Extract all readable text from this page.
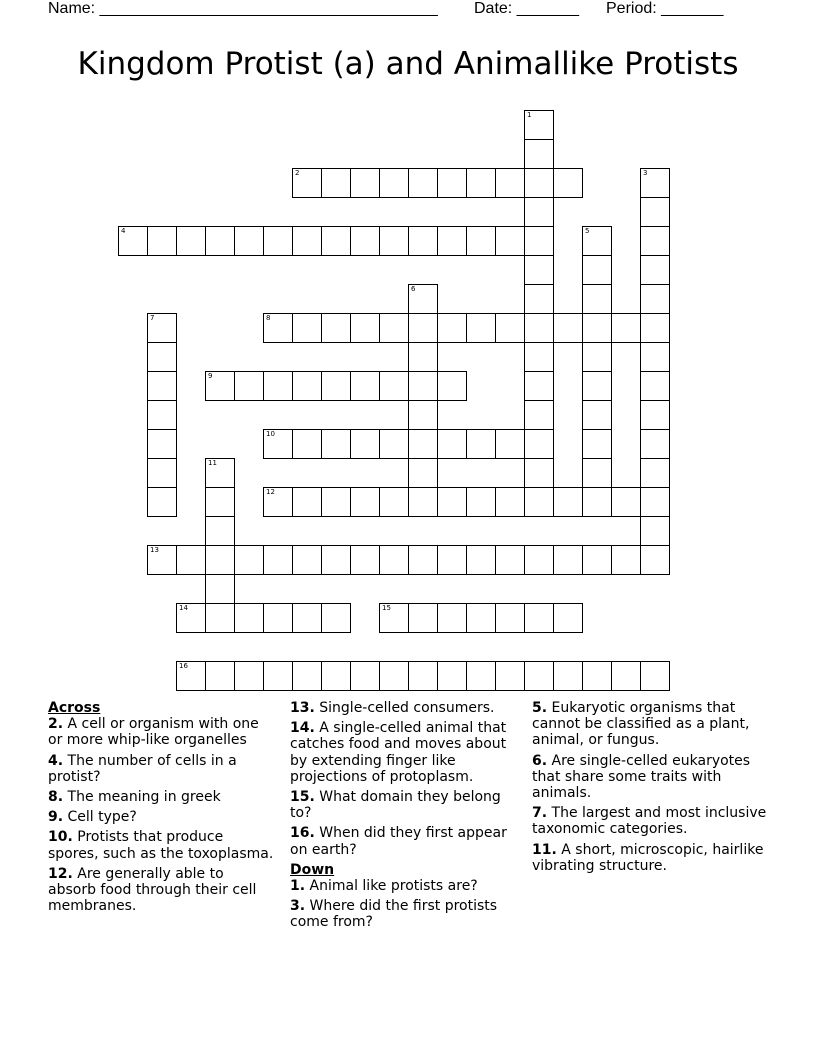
Name: ______________________________________ Date: _______ Period: _______
Kingdom Protist (a) and Animallike Protists
1
2	3
4	5
6
7	8
9
10
11
12
13
14	15
16
Across
2. A cell or organism with one or more whip-like organelles
4. The number of cells in a protist?
8. The meaning in greek
9. Cell type?
10. Protists that produce spores, such as the toxoplasma.
12. Are generally able to absorb food through their cell membranes.
13. Single-celled consumers.
14. A single-celled animal that catches food and moves about by extending finger like projections of protoplasm.
15. What domain they belong to?
16. When did they first appear on earth?
Down
1. Animal like protists are?
3. Where did the first protists come from?
5. Eukaryotic organisms that cannot be classified as a plant, animal, or fungus.
6. Are single-celled eukaryotes that share some traits with animals.
7. The largest and most inclusive taxonomic categories.
11. A short, microscopic, hairlike vibrating structure.
